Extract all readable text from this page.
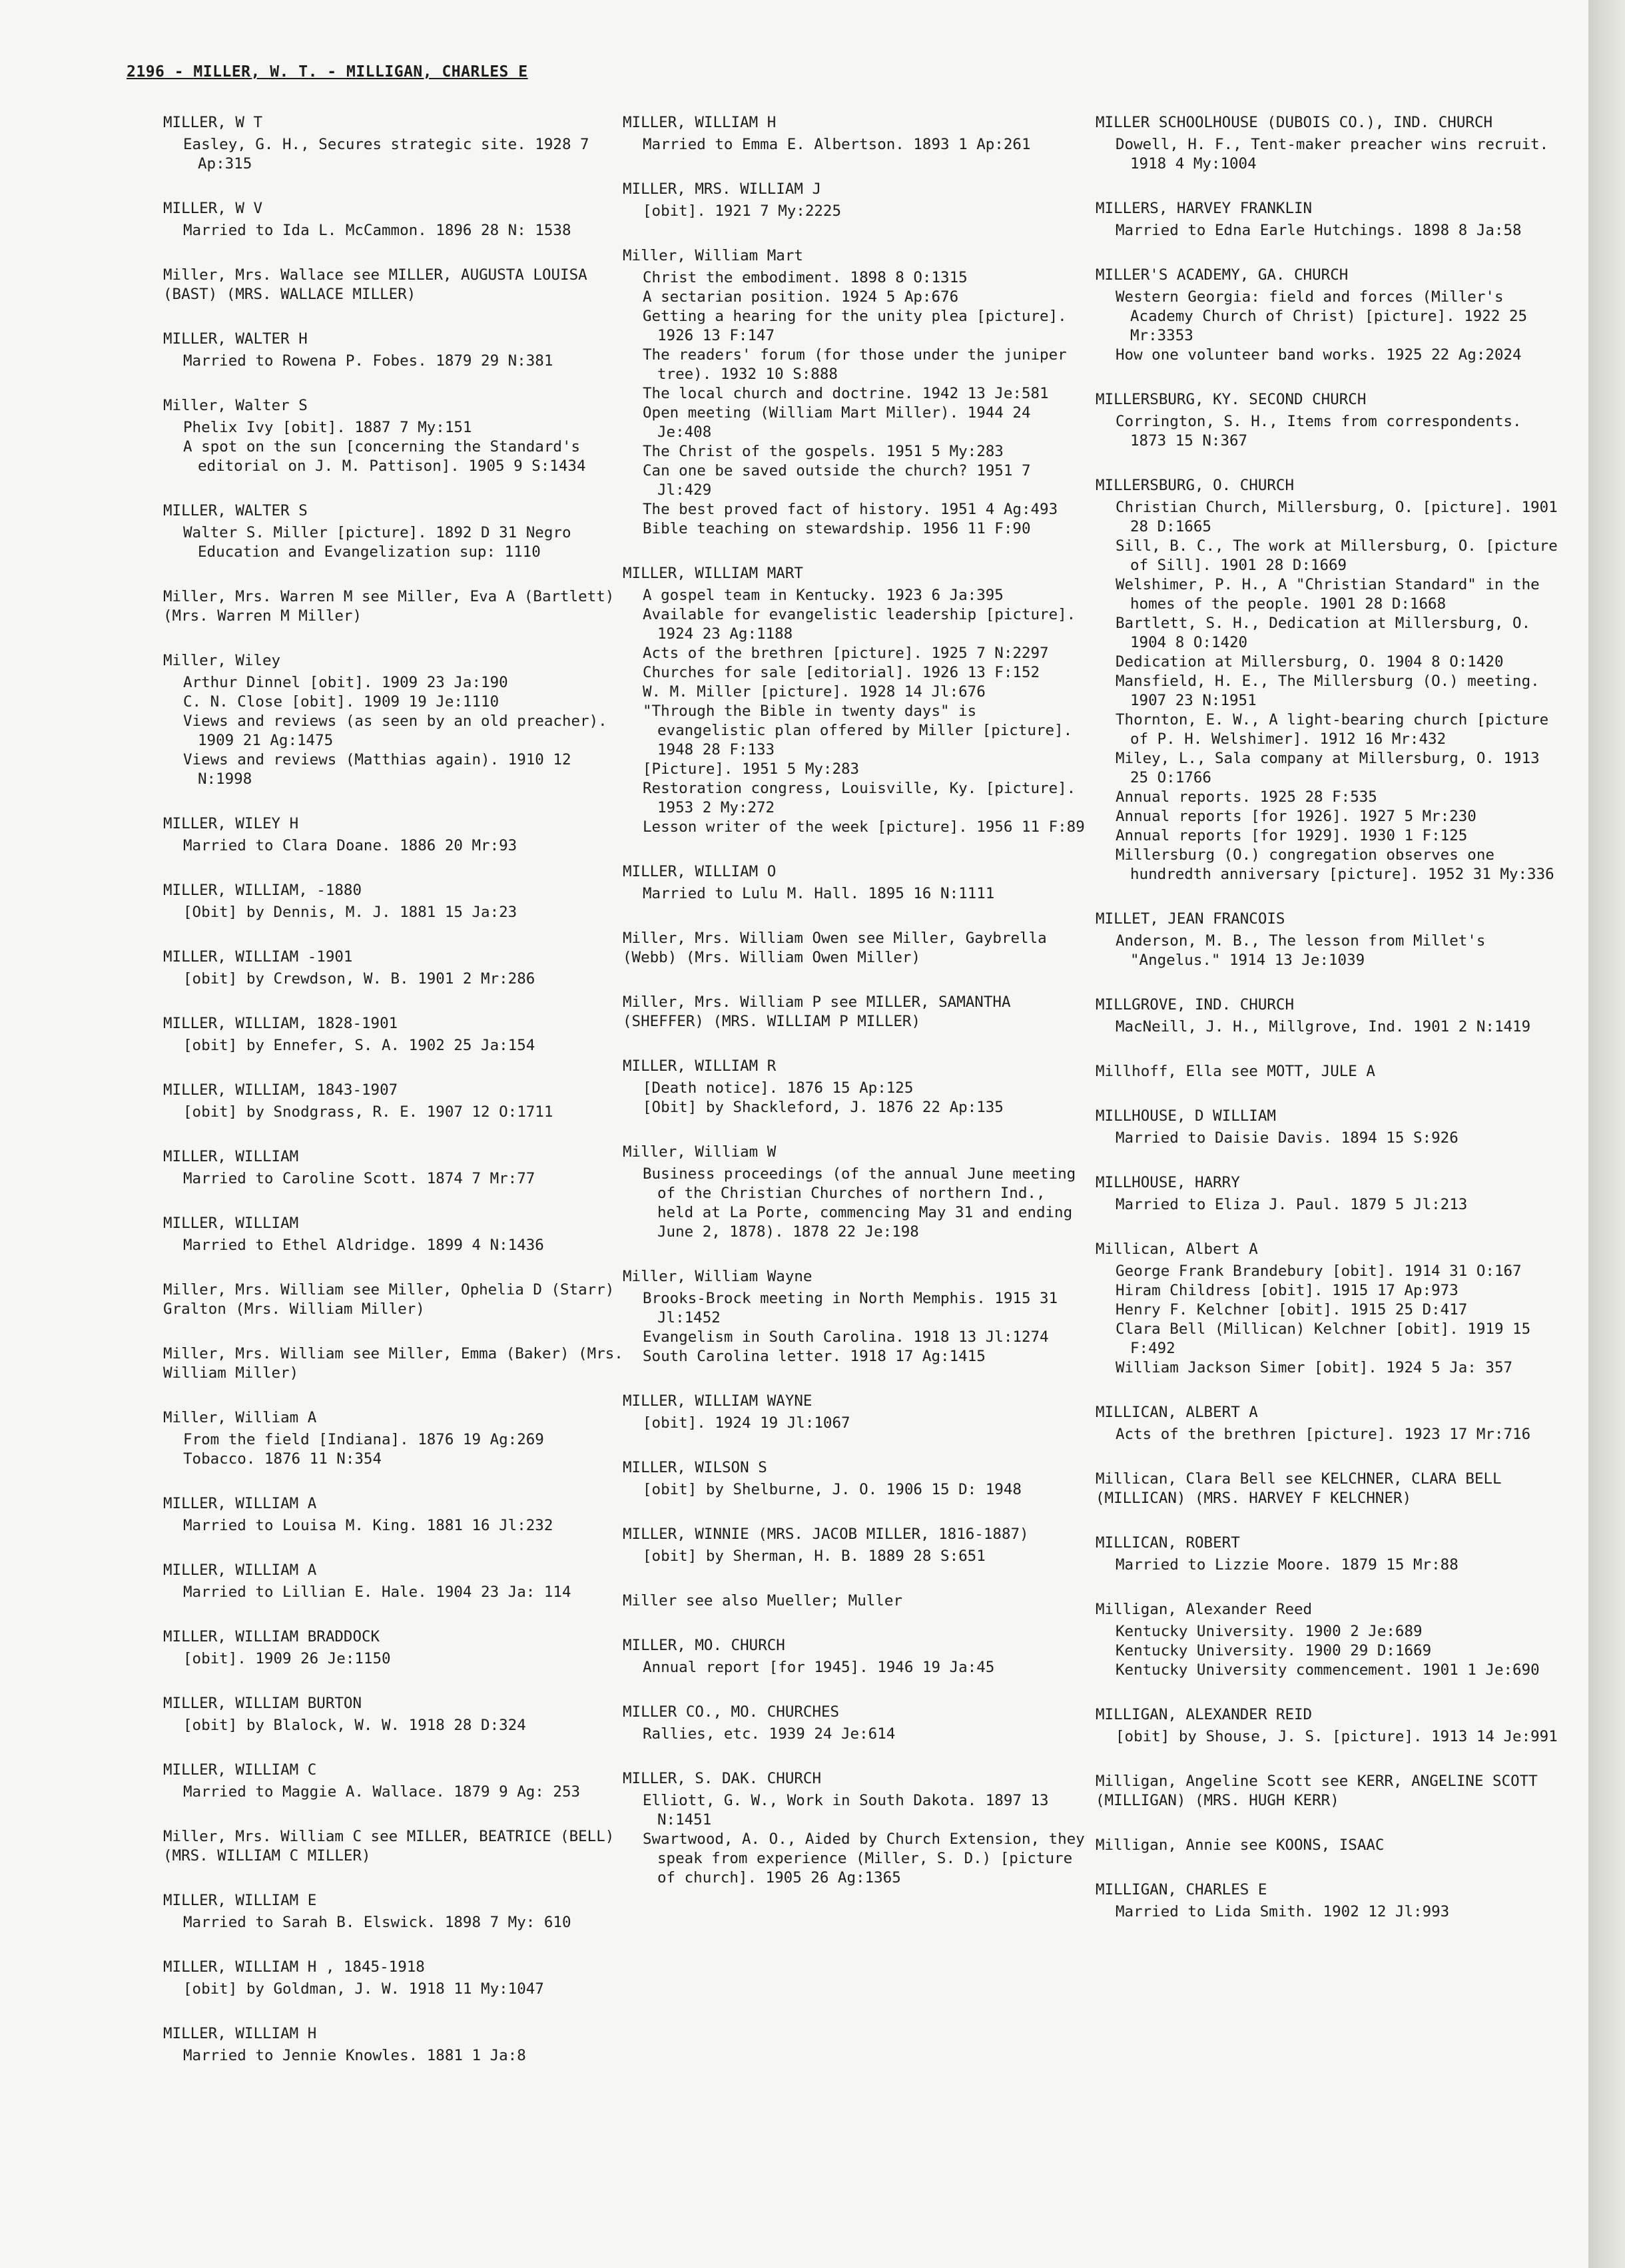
2196 - MILLER, W. T. - MILLIGAN, CHARLES E
MILLER, W T
Easley, G. H., Secures strategic site. 1928 7 Ap:315
MILLER, W V
Married to Ida L. McCammon. 1896 28 N: 1538
Miller, Mrs. Wallace see MILLER, AUGUSTA LOUISA (BAST) (MRS. WALLACE MILLER)
MILLER, WALTER H
Married to Rowena P. Fobes. 1879 29 N:381
Miller, Walter S
Phelix Ivy [obit]. 1887 7 My:151
A spot on the sun [concerning the Standard's editorial on J. M. Pattison]. 1905 9 S:1434
MILLER, WALTER S
Walter S. Miller [picture]. 1892 D 31 Negro Education and Evangelization sup: 1110
Miller, Mrs. Warren M see Miller, Eva A (Bartlett) (Mrs. Warren M Miller)
Miller, Wiley
Arthur Dinnel [obit]. 1909 23 Ja:190
C. N. Close [obit]. 1909 19 Je:1110
Views and reviews (as seen by an old preacher). 1909 21 Ag:1475
Views and reviews (Matthias again). 1910 12 N:1998
MILLER, WILEY H
Married to Clara Doane. 1886 20 Mr:93
MILLER, WILLIAM, -1880
[Obit] by Dennis, M. J. 1881 15 Ja:23
MILLER, WILLIAM -1901
[obit] by Crewdson, W. B. 1901 2 Mr:286
MILLER, WILLIAM, 1828-1901
[obit] by Ennefer, S. A. 1902 25 Ja:154
MILLER, WILLIAM, 1843-1907
[obit] by Snodgrass, R. E. 1907 12 O:1711
MILLER, WILLIAM
Married to Caroline Scott. 1874 7 Mr:77
MILLER, WILLIAM
Married to Ethel Aldridge. 1899 4 N:1436
Miller, Mrs. William see Miller, Ophelia D (Starr) Gralton (Mrs. William Miller)
Miller, Mrs. William see Miller, Emma (Baker) (Mrs. William Miller)
Miller, William A
From the field [Indiana]. 1876 19 Ag:269
Tobacco. 1876 11 N:354
MILLER, WILLIAM A
Married to Louisa M. King. 1881 16 Jl:232
MILLER, WILLIAM A
Married to Lillian E. Hale. 1904 23 Ja: 114
MILLER, WILLIAM BRADDOCK
[obit]. 1909 26 Je:1150
MILLER, WILLIAM BURTON
[obit] by Blalock, W. W. 1918 28 D:324
MILLER, WILLIAM C
Married to Maggie A. Wallace. 1879 9 Ag: 253
Miller, Mrs. William C see MILLER, BEATRICE (BELL) (MRS. WILLIAM C MILLER)
MILLER, WILLIAM E
Married to Sarah B. Elswick. 1898 7 My: 610
MILLER, WILLIAM H , 1845-1918
[obit] by Goldman, J. W. 1918 11 My:1047
MILLER, WILLIAM H
Married to Jennie Knowles. 1881 1 Ja:8
MILLER, WILLIAM H
Married to Emma E. Albertson. 1893 1 Ap:261
MILLER, MRS. WILLIAM J
[obit]. 1921 7 My:2225
Miller, William Mart
Christ the embodiment. 1898 8 O:1315
A sectarian position. 1924 5 Ap:676
Getting a hearing for the unity plea [picture]. 1926 13 F:147
The readers' forum (for those under the juniper tree). 1932 10 S:888
The local church and doctrine. 1942 13 Je:581
Open meeting (William Mart Miller). 1944 24 Je:408
The Christ of the gospels. 1951 5 My:283
Can one be saved outside the church? 1951 7 Jl:429
The best proved fact of history. 1951 4 Ag:493
Bible teaching on stewardship. 1956 11 F:90
MILLER, WILLIAM MART
A gospel team in Kentucky. 1923 6 Ja:395
Available for evangelistic leadership [picture]. 1924 23 Ag:1188
Acts of the brethren [picture]. 1925 7 N:2297
Churches for sale [editorial]. 1926 13 F:152
W. M. Miller [picture]. 1928 14 Jl:676
"Through the Bible in twenty days" is evangelistic plan offered by Miller [picture]. 1948 28 F:133
[Picture]. 1951 5 My:283
Restoration congress, Louisville, Ky. [picture]. 1953 2 My:272
Lesson writer of the week [picture]. 1956 11 F:89
MILLER, WILLIAM O
Married to Lulu M. Hall. 1895 16 N:1111
Miller, Mrs. William Owen see Miller, Gaybrella (Webb) (Mrs. William Owen Miller)
Miller, Mrs. William P see MILLER, SAMANTHA (SHEFFER) (MRS. WILLIAM P MILLER)
MILLER, WILLIAM R
[Death notice]. 1876 15 Ap:125
[Obit] by Shackleford, J. 1876 22 Ap:135
Miller, William W
Business proceedings (of the annual June meeting of the Christian Churches of northern Ind., held at La Porte, commencing May 31 and ending June 2, 1878). 1878 22 Je:198
Miller, William Wayne
Brooks-Brock meeting in North Memphis. 1915 31 Jl:1452
Evangelism in South Carolina. 1918 13 Jl:1274
South Carolina letter. 1918 17 Ag:1415
MILLER, WILLIAM WAYNE
[obit]. 1924 19 Jl:1067
MILLER, WILSON S
[obit] by Shelburne, J. O. 1906 15 D: 1948
MILLER, WINNIE (MRS. JACOB MILLER, 1816-1887)
[obit] by Sherman, H. B. 1889 28 S:651
Miller see also Mueller; Muller
MILLER, MO. CHURCH
Annual report [for 1945]. 1946 19 Ja:45
MILLER CO., MO. CHURCHES
Rallies, etc. 1939 24 Je:614
MILLER, S. DAK. CHURCH
Elliott, G. W., Work in South Dakota. 1897 13 N:1451
Swartwood, A. O., Aided by Church Extension, they speak from experience (Miller, S. D.) [picture of church]. 1905 26 Ag:1365
MILLER SCHOOLHOUSE (DUBOIS CO.), IND. CHURCH
Dowell, H. F., Tent-maker preacher wins recruit. 1918 4 My:1004
MILLERS, HARVEY FRANKLIN
Married to Edna Earle Hutchings. 1898 8 Ja:58
MILLER'S ACADEMY, GA. CHURCH
Western Georgia: field and forces (Miller's Academy Church of Christ) [picture]. 1922 25 Mr:3353
How one volunteer band works. 1925 22 Ag:2024
MILLERSBURG, KY. SECOND CHURCH
Corrington, S. H., Items from correspondents. 1873 15 N:367
MILLERSBURG, O. CHURCH
Christian Church, Millersburg, O. [picture]. 1901 28 D:1665
Sill, B. C., The work at Millersburg, O. [picture of Sill]. 1901 28 D:1669
Welshimer, P. H., A "Christian Standard" in the homes of the people. 1901 28 D:1668
Bartlett, S. H., Dedication at Millersburg, O. 1904 8 O:1420
Dedication at Millersburg, O. 1904 8 O:1420
Mansfield, H. E., The Millersburg (O.) meeting. 1907 23 N:1951
Thornton, E. W., A light-bearing church [picture of P. H. Welshimer]. 1912 16 Mr:432
Miley, L., Sala company at Millersburg, O. 1913 25 O:1766
Annual reports. 1925 28 F:535
Annual reports [for 1926]. 1927 5 Mr:230
Annual reports [for 1929]. 1930 1 F:125
Millersburg (O.) congregation observes one hundredth anniversary [picture]. 1952 31 My:336
MILLET, JEAN FRANCOIS
Anderson, M. B., The lesson from Millet's "Angelus." 1914 13 Je:1039
MILLGROVE, IND. CHURCH
MacNeill, J. H., Millgrove, Ind. 1901 2 N:1419
Millhoff, Ella see MOTT, JULE A
MILLHOUSE, D WILLIAM
Married to Daisie Davis. 1894 15 S:926
MILLHOUSE, HARRY
Married to Eliza J. Paul. 1879 5 Jl:213
Millican, Albert A
George Frank Brandebury [obit]. 1914 31 O:167
Hiram Childress [obit]. 1915 17 Ap:973
Henry F. Kelchner [obit]. 1915 25 D:417
Clara Bell (Millican) Kelchner [obit]. 1919 15 F:492
William Jackson Simer [obit]. 1924 5 Ja: 357
MILLICAN, ALBERT A
Acts of the brethren [picture]. 1923 17 Mr:716
Millican, Clara Bell see KELCHNER, CLARA BELL (MILLICAN) (MRS. HARVEY F KELCHNER)
MILLICAN, ROBERT
Married to Lizzie Moore. 1879 15 Mr:88
Milligan, Alexander Reed
Kentucky University. 1900 2 Je:689
Kentucky University. 1900 29 D:1669
Kentucky University commencement. 1901 1 Je:690
MILLIGAN, ALEXANDER REID
[obit] by Shouse, J. S. [picture]. 1913 14 Je:991
Milligan, Angeline Scott see KERR, ANGELINE SCOTT (MILLIGAN) (MRS. HUGH KERR)
Milligan, Annie see KOONS, ISAAC
MILLIGAN, CHARLES E
Married to Lida Smith. 1902 12 Jl:993
